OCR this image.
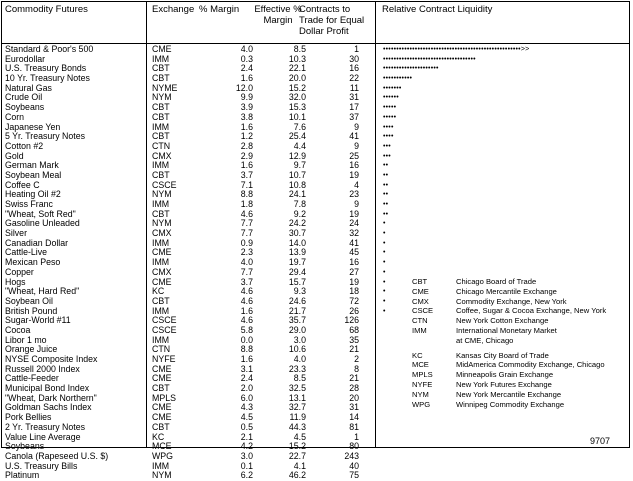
Commodity Futures	Exchange % Margin	Effective %
Margin
Contracts to
Trade for Equal
Dollar Profit
Relative Contract Liquidity
Standard & Poor's 500	CME	4.0	8.5	1	••••••••••••••••••••••••••••••••••••••••••••••••••••>>
Eurodollar	IMM	0.3	10.3	30	•••••••••••••••••••••••••••••••••••
U.S. Treasury Bonds	CBT	2.4	22.1	16	•••••••••••••••••••••
10 Yr. Treasury Notes	CBT	1.6	20.0	22	•••••••••••
Natural Gas	NYME	12.0	15.2	11	•••••••
Crude Oil	NYM	9.9	32.0	31	••••••
Soybeans	CBT	3.9	15.3	17	•••••
Corn	CBT	3.8	10.1	37	•••••
Japanese Yen	IMM	1.6	7.6	9	••••
5 Yr. Treasury Notes	CBT	1.2	25.4	41	••••
Cotton #2	CTN	2.8	4.4	9	•••
Gold	CMX	2.9	12.9	25	•••
German Mark	IMM	1.6	9.7	16	••
Soybean Meal	CBT	3.7	10.7	19	••
Coffee C	CSCE	7.1	10.8	4	••
Heating Oil #2	NYM	8.8	24.1	23	••
Swiss Franc	IMM	1.8	7.8	9	••
"Wheat, Soft Red"	CBT	4.6	9.2	19	••
Gasoline Unleaded	NYM	7.7	24.2	24	•
Silver	CMX	7.7	30.7	32	•
Canadian Dollar	IMM	0.9	14.0	41	•
Cattle-Live	CME	2.3	13.9	45	•
Mexican Peso	IMM	4.0	19.7	16	•
Copper	CMX	7.7	29.4	27	•
Hogs	CME	3.7	15.7	19	•
"Wheat, Hard Red"	KC	4.6	9.3	18	•
Soybean Oil	CBT	4.6	24.6	72	•
British Pound	IMM	1.6	21.7	26	•
Sugar-World #11	CSCE	4.6	35.7	126
Cocoa	CSCE	5.8	29.0	68
Libor 1 mo	IMM	0.0	3.0	35
Orange Juice	CTN	8.8	10.6	21
NYSE Composite Index	NYFE	1.6	4.0	2
Russell 2000 Index	CME	3.1	23.3	8
Cattle-Feeder	CME	2.4	8.5	21
Municipal Bond Index	CBT	2.0	32.5	28
"Wheat, Dark Northern"	MPLS	6.0	13.1	20
Goldman Sachs Index	CME	4.3	32.7	31
Pork Bellies	CME	4.5	11.9	14
2 Yr. Treasury Notes	CBT	0.5	44.3	81
Value Line Average	KC	2.1	4.5	1
Soybeans	MCE	4.2	15.2	80
Canola (Rapeseed U.S. $)	WPG	3.0	22.7	243
U.S. Treasury Bills	IMM	0.1	4.1	40
Platinum	NYM	6.2	46.2	75
CBT	Chicago Board of Trade
CME	Chicago Mercantile Exchange
CMX	Commodity Exchange, New York
CSCE	Coffee, Sugar & Cocoa Exchange, New York
CTN	New York Cotton Exchange
IMM	International Monetary Market
at CME, Chicago
KC	Kansas City Board of Trade
MCE	MidAmerica Commodity Exchange, Chicago
MPLS	Minneapolis Grain Exchange
NYFE	New York Futures Exchange
NYM	New York Mercantile Exchange
WPG	Winnipeg Commodity Exchange
9707
